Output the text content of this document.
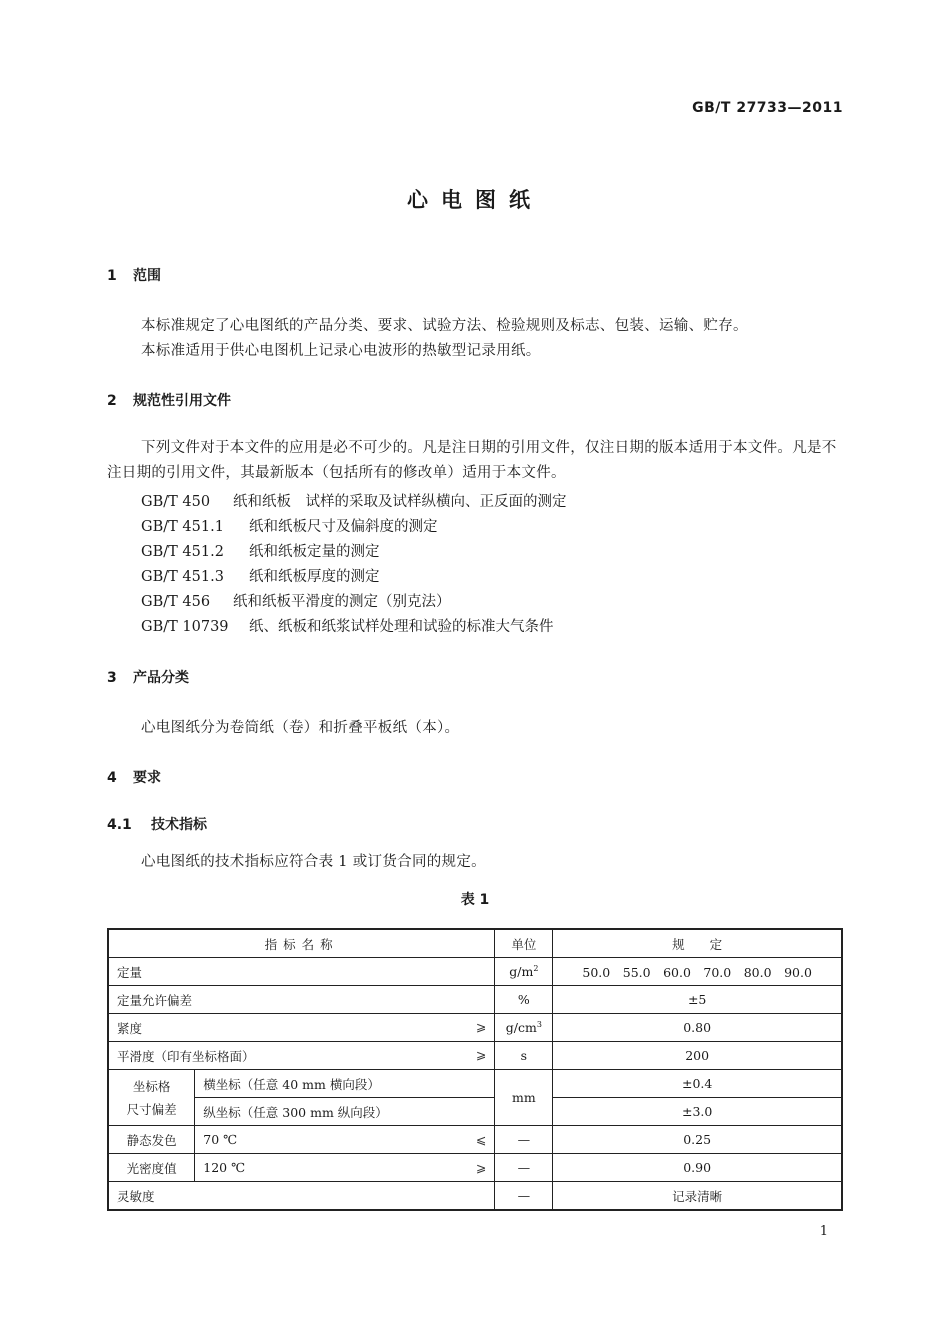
GB/T 27733—2011
心电图纸
1 范围
本标准规定了心电图纸的产品分类、要求、试验方法、检验规则及标志、包装、运输、贮存。
本标准适用于供心电图机上记录心电波形的热敏型记录用纸。
2 规范性引用文件
下列文件对于本文件的应用是必不可少的。凡是注日期的引用文件，仅注日期的版本适用于本文件。凡是不注日期的引用文件，其最新版本（包括所有的修改单）适用于本文件。
GB/T 450 纸和纸板　试样的采取及试样纵横向、正反面的测定
GB/T 451.1 纸和纸板尺寸及偏斜度的测定
GB/T 451.2 纸和纸板定量的测定
GB/T 451.3 纸和纸板厚度的测定
GB/T 456 纸和纸板平滑度的测定（别克法）
GB/T 10739 纸、纸板和纸浆试样处理和试验的标准大气条件
3 产品分类
心电图纸分为卷筒纸（卷）和折叠平板纸（本）。
4 要求
4.1 技术指标
心电图纸的技术指标应符合表 1 或订货合同的规定。
表 1
指标名称		单位	规　　定
定量		$g/m^2$	50.0　55.0　60.0　70.0　80.0　90.0
定量允许偏差		%	±5
紧度 ⩾		$g/cm^3$	0.80
平滑度（印有坐标格面） ⩾		s	200
坐标格
尺寸偏差	横坐标（任意 40 mm 横向段）	mm	±0.4
	纵坐标（任意 300 mm 纵向段）		±3.0
静态发色	70 ℃ ⩽	—	0.25
光密度值	120 ℃ ⩾	—	0.90
灵敏度		—	记录清晰
1
